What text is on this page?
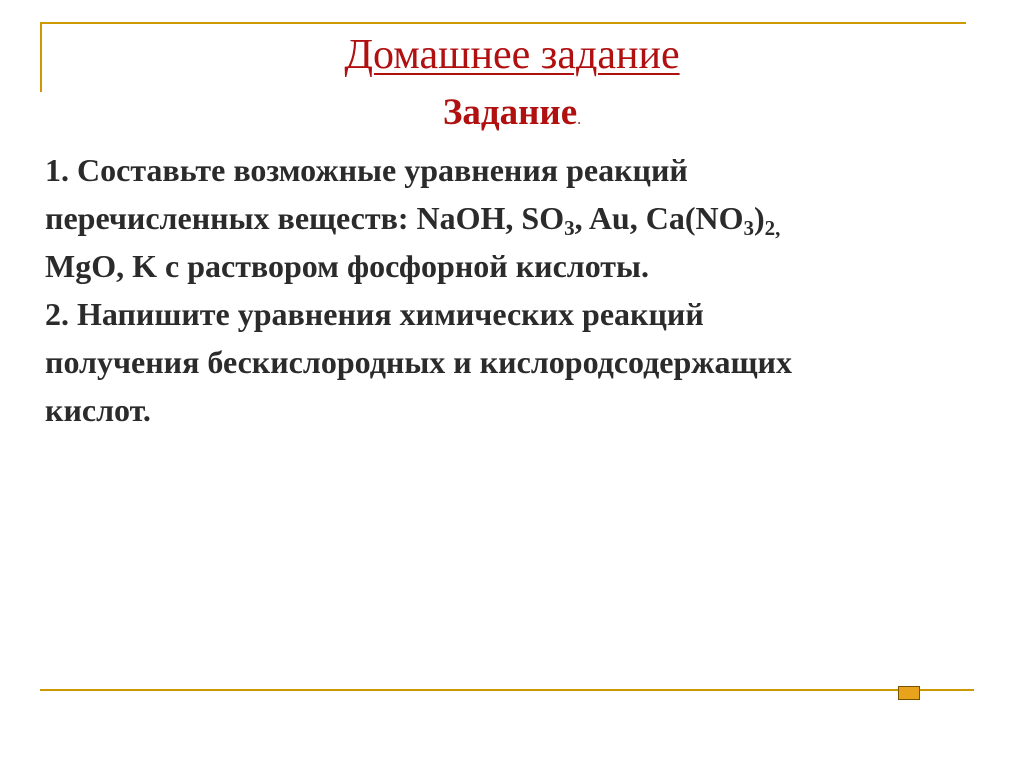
Домашнее задание
Задание.

1. Составьте возможные уравнения реакций
перечисленных веществ: NaOH, $SO_3$, Au, $Ca(NO_3)_{2,}$
MgO, K с раствором фосфорной кислоты.

2. Напишите уравнения химических реакций
получения бескислородных и кислородсодержащих
кислот.
